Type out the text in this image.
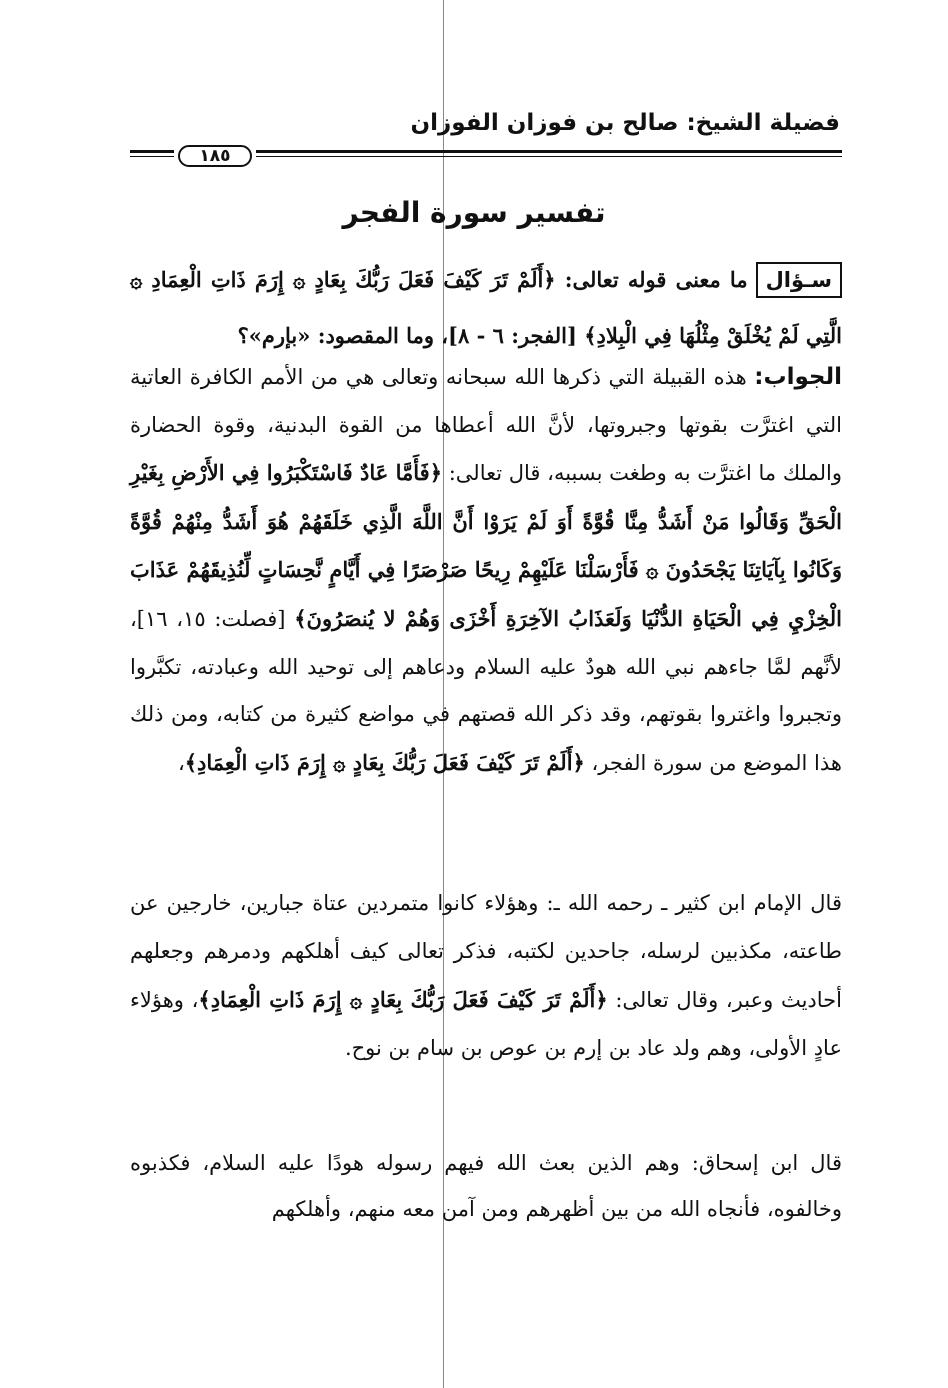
فضيلة الشيخ: صالح بن فوزان الفوزان
١٨٥
تفسير سورة الفجر
سـؤالما معنى قوله تعالى: ﴿أَلَمْ تَرَ كَيْفَ فَعَلَ رَبُّكَ بِعَادٍ ۞ إِرَمَ ذَاتِ الْعِمَادِ ۞ الَّتِي لَمْ يُخْلَقْ مِثْلُهَا فِي الْبِلادِ﴾ [الفجر: ٦ - ٨]، وما المقصود: «بإرم»؟
الجواب: هذه القبيلة التي ذكرها الله سبحانه وتعالى هي من الأمم الكافرة العاتية التي اغترَّت بقوتها وجبروتها، لأنَّ الله أعطاها من القوة البدنية، وقوة الحضارة والملك ما اغترَّت به وطغت بسببه، قال تعالى: ﴿فَأَمَّا عَادٌ فَاسْتَكْبَرُوا فِي الأَرْضِ بِغَيْرِ الْحَقِّ وَقَالُوا مَنْ أَشَدُّ مِنَّا قُوَّةً أَوَ لَمْ يَرَوْا أَنَّ اللَّهَ الَّذِي خَلَقَهُمْ هُوَ أَشَدُّ مِنْهُمْ قُوَّةً وَكَانُوا بِآيَاتِنَا يَجْحَدُونَ ۞ فَأَرْسَلْنَا عَلَيْهِمْ رِيحًا صَرْصَرًا فِي أَيَّامٍ نَّحِسَاتٍ لِّنُذِيقَهُمْ عَذَابَ الْخِزْيِ فِي الْحَيَاةِ الدُّنْيَا وَلَعَذَابُ الآخِرَةِ أَخْزَى وَهُمْ لا يُنصَرُونَ﴾ [فصلت: ١٥، ١٦]، لأنَّهم لمَّا جاءهم نبي الله هودٌ عليه السلام ودعاهم إلى توحيد الله وعبادته، تكبَّروا وتجبروا واغتروا بقوتهم، وقد ذكر الله قصتهم في مواضع كثيرة من كتابه، ومن ذلك هذا الموضع من سورة الفجر، ﴿أَلَمْ تَرَ كَيْفَ فَعَلَ رَبُّكَ بِعَادٍ ۞ إِرَمَ ذَاتِ الْعِمَادِ﴾،
قال الإمام ابن كثير ـ رحمه الله ـ: وهؤلاء كانوا متمردين عتاة جبارين، خارجين عن طاعته، مكذبين لرسله، جاحدين لكتبه، فذكر تعالى كيف أهلكهم ودمرهم وجعلهم أحاديث وعبر، وقال تعالى: ﴿أَلَمْ تَرَ كَيْفَ فَعَلَ رَبُّكَ بِعَادٍ ۞ إِرَمَ ذَاتِ الْعِمَادِ﴾، وهؤلاء عادٍ الأولى، وهم ولد عاد بن إرم بن عوص بن سام بن نوح.
قال ابن إسحاق: وهم الذين بعث الله فيهم رسوله هودًا عليه السلام، فكذبوه وخالفوه، فأنجاه الله من بين أظهرهم ومن آمن معه منهم، وأهلكهم
